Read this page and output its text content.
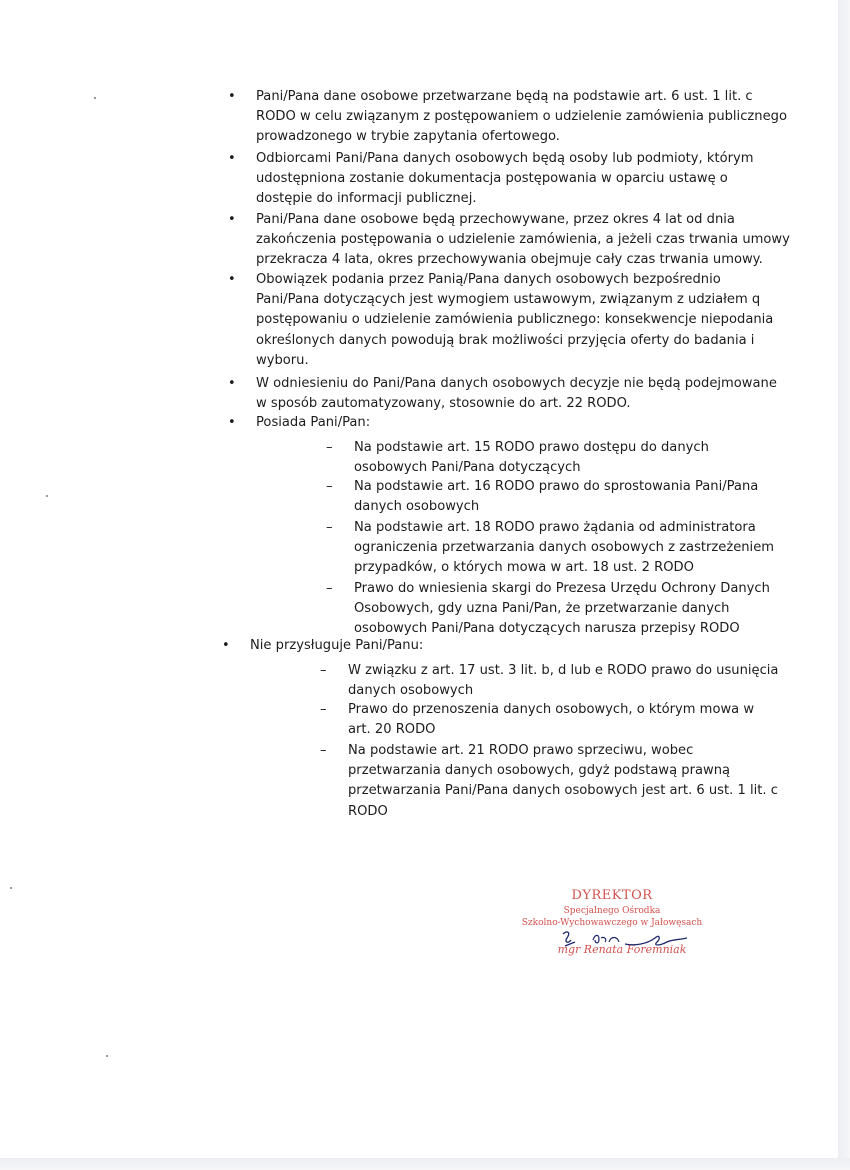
• Pani/Pana dane osobowe przetwarzane będą na podstawie art. 6 ust. 1 lit. c
RODO w celu związanym z postępowaniem o udzielenie zamówienia publicznego
prowadzonego w trybie zapytania ofertowego.
• Odbiorcami Pani/Pana danych osobowych będą osoby lub podmioty, którym
udostępniona zostanie dokumentacja postępowania w oparciu ustawę o
dostępie do informacji publicznej.
• Pani/Pana dane osobowe będą przechowywane, przez okres 4 lat od dnia
zakończenia postępowania o udzielenie zamówienia, a jeżeli czas trwania umowy
przekracza 4 lata, okres przechowywania obejmuje cały czas trwania umowy.
• Obowiązek podania przez Panią/Pana danych osobowych bezpośrednio
Pani/Pana dotyczących jest wymogiem ustawowym, związanym z udziałem q
postępowaniu o udzielenie zamówienia publicznego: konsekwencje niepodania
określonych danych powodują brak możliwości przyjęcia oferty do badania i
wyboru.
• W odniesieniu do Pani/Pana danych osobowych decyzje nie będą podejmowane
w sposób zautomatyzowany, stosownie do art. 22 RODO.
• Posiada Pani/Pan:
– Na podstawie art. 15 RODO prawo dostępu do danych
osobowych Pani/Pana dotyczących
– Na podstawie art. 16 RODO prawo do sprostowania Pani/Pana
danych osobowych
– Na podstawie art. 18 RODO prawo żądania od administratora
ograniczenia przetwarzania danych osobowych z zastrzeżeniem
przypadków, o których mowa w art. 18 ust. 2 RODO
– Prawo do wniesienia skargi do Prezesa Urzędu Ochrony Danych
Osobowych, gdy uzna Pani/Pan, że przetwarzanie danych
osobowych Pani/Pana dotyczących narusza przepisy RODO
• Nie przysługuje Pani/Panu:
– W związku z art. 17 ust. 3 lit. b, d lub e RODO prawo do usunięcia
danych osobowych
– Prawo do przenoszenia danych osobowych, o którym mowa w
art. 20 RODO
– Na podstawie art. 21 RODO prawo sprzeciwu, wobec
przetwarzania danych osobowych, gdyż podstawą prawną
przetwarzania Pani/Pana danych osobowych jest art. 6 ust. 1 lit. c
RODO
DYREKTOR
Specjalnego Ośrodka
Szkolno-Wychowawczego w Jałowęsach
mgr Renata Foremniak
